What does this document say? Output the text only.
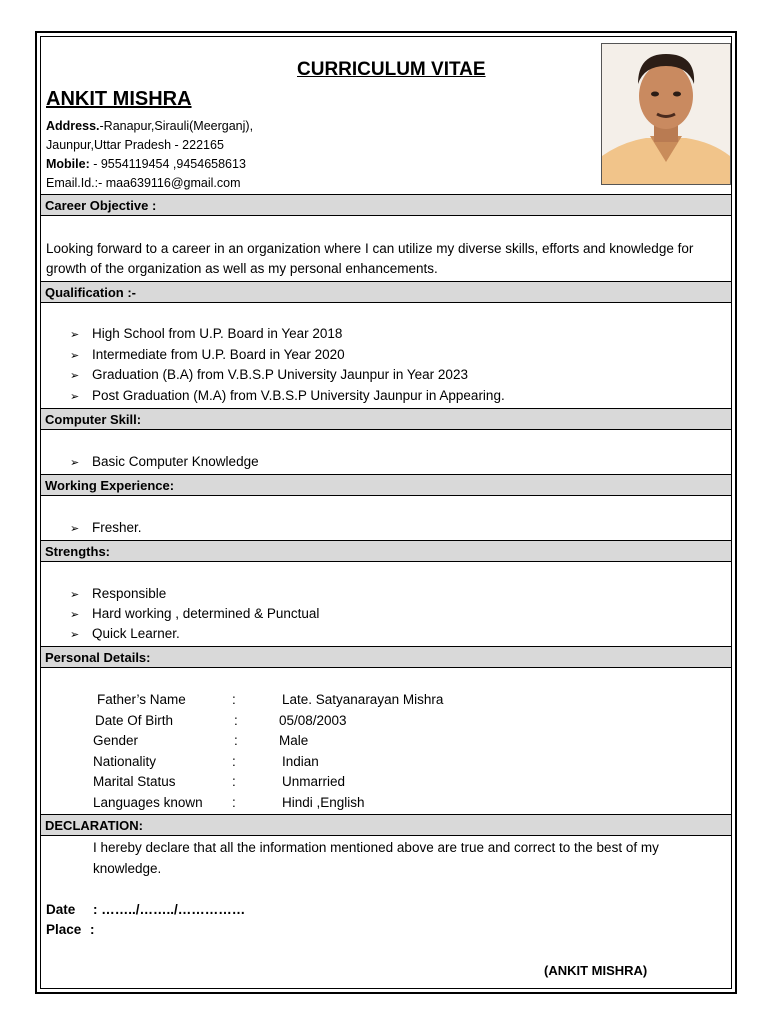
CURRICULUM VITAE
ANKIT MISHRA
Address.-Ranapur,Sirauli(Meerganj),
Jaunpur,Uttar Pradesh - 222165
Mobile: - 9554119454 ,9454658613
Email.Id.:- maa639116@gmail.com
Career Objective :
Looking forward to a career in an organization where I can utilize my diverse skills, efforts and knowledge for
growth of the organization as well as my personal enhancements.
Qualification :-
➢ High School from U.P. Board in Year 2018
➢ Intermediate from U.P. Board in Year 2020
➢ Graduation (B.A) from V.B.S.P University Jaunpur in Year 2023
➢ Post Graduation (M.A) from V.B.S.P University Jaunpur in Appearing.
Computer Skill:
➢ Basic Computer Knowledge
Working Experience:
➢ Fresher.
Strengths:
➢ Responsible
➢ Hard working , determined & Punctual
➢ Quick Learner.
Personal Details:
Father’s Name	:	Late. Satyanarayan Mishra
Date Of Birth	:	05/08/2003
Gender	:	Male
Nationality	:	Indian
Marital Status	:	Unmarried
Languages known :	Hindi ,English
DECLARATION:
I hereby declare that all the information mentioned above are true and correct to the best of my
knowledge.
Date : ……../……../……………
Place :
(ANKIT MISHRA)
